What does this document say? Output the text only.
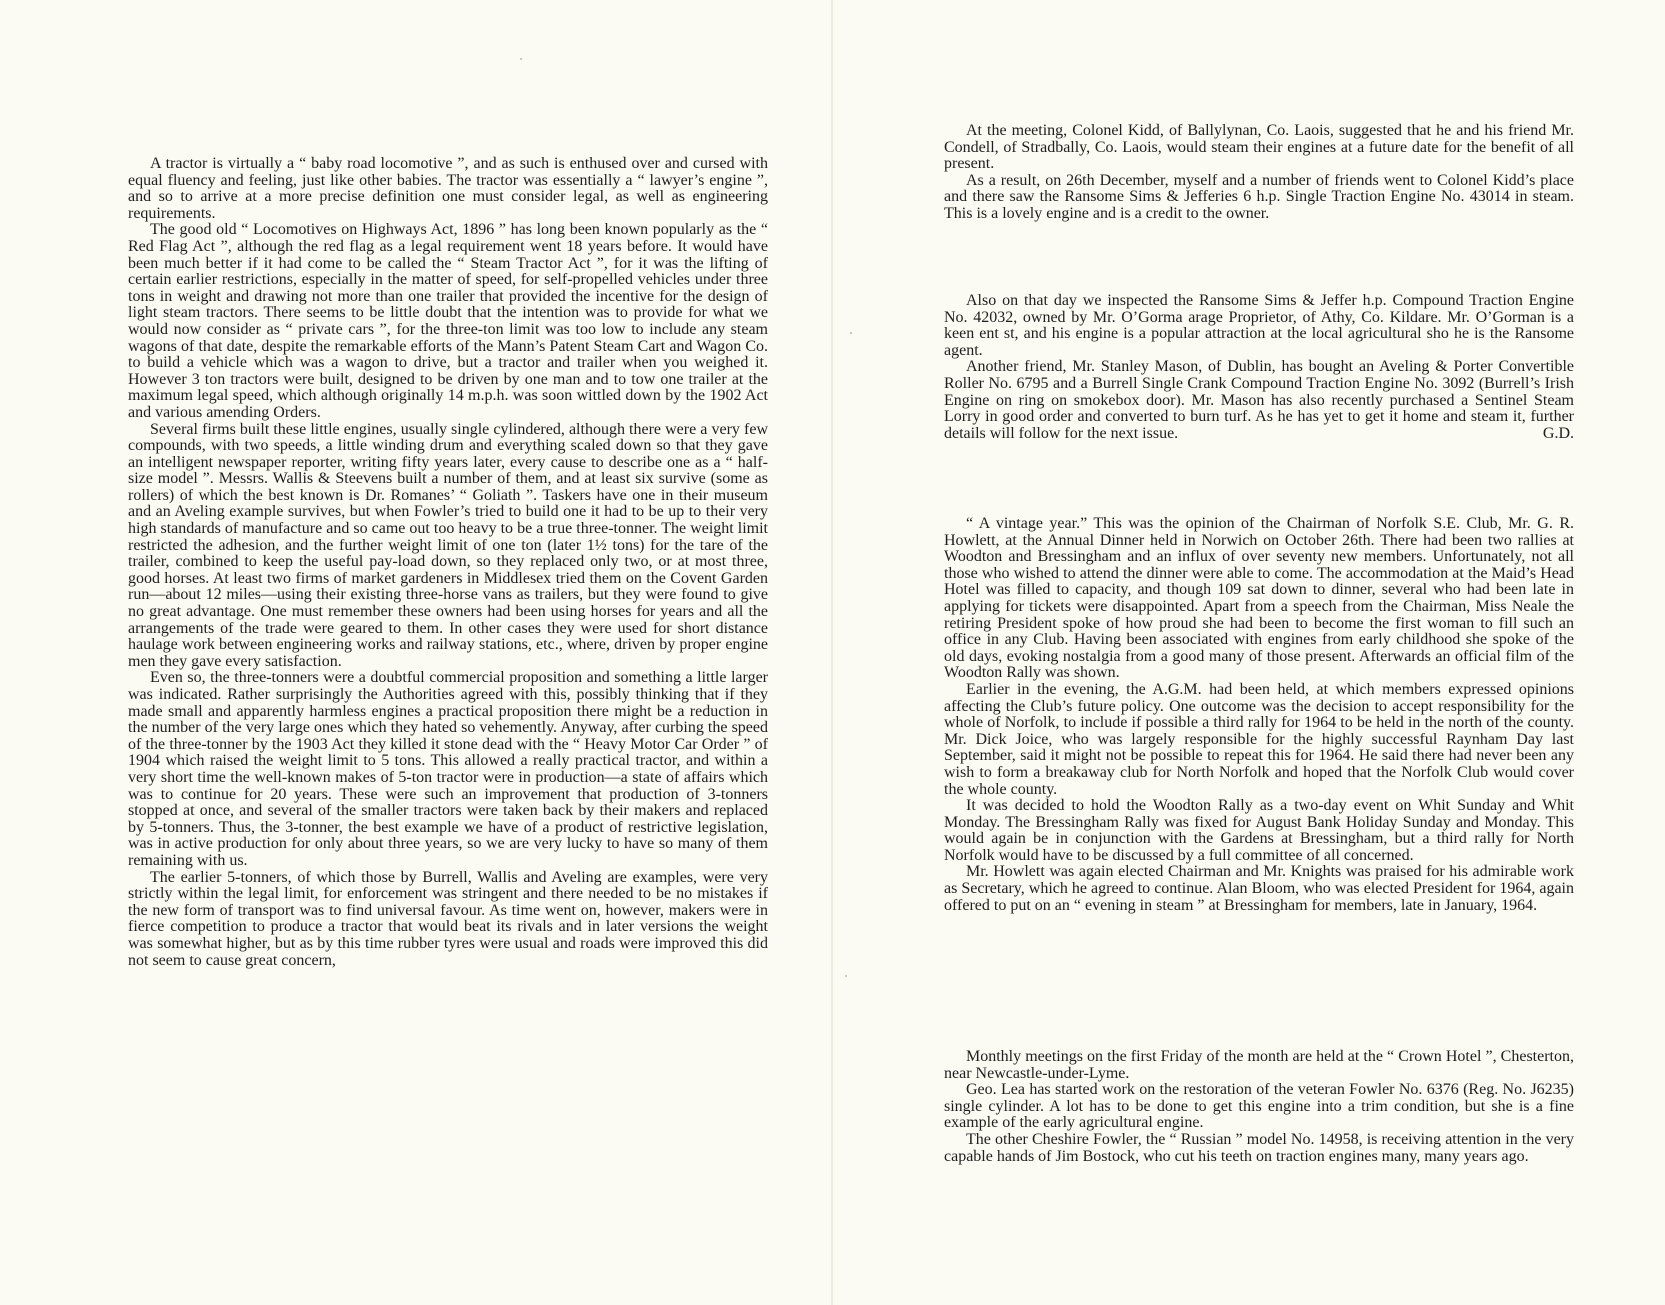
A tractor is virtually a “ baby road locomotive ”, and as such is enthused over and cursed with equal fluency and feeling, just like other babies. The tractor was essentially a “ lawyer’s engine ”, and so to arrive at a more precise definition one must consider legal, as well as engineering requirements.

The good old “ Locomotives on Highways Act, 1896 ” has long been known popularly as the “ Red Flag Act ”, although the red flag as a legal requirement went 18 years before. It would have been much better if it had come to be called the “ Steam Tractor Act ”, for it was the lifting of certain earlier restrictions, especially in the matter of speed, for self-propelled vehicles under three tons in weight and drawing not more than one trailer that provided the incentive for the design of light steam tractors. There seems to be little doubt that the intention was to provide for what we would now consider as “ private cars ”, for the three-ton limit was too low to include any steam wagons of that date, despite the remarkable efforts of the Mann’s Patent Steam Cart and Wagon Co. to build a vehicle which was a wagon to drive, but a tractor and trailer when you weighed it. However 3 ton tractors were built, designed to be driven by one man and to tow one trailer at the maximum legal speed, which although originally 14 m.p.h. was soon wittled down by the 1902 Act and various amending Orders.

Several firms built these little engines, usually single cylindered, although there were a very few compounds, with two speeds, a little winding drum and everything scaled down so that they gave an intelligent newspaper reporter, writing fifty years later, every cause to describe one as a “ half-size model ”. Messrs. Wallis & Steevens built a number of them, and at least six survive (some as rollers) of which the best known is Dr. Romanes’ “ Goliath ”. Taskers have one in their museum and an Aveling example survives, but when Fowler’s tried to build one it had to be up to their very high standards of manufacture and so came out too heavy to be a true three-tonner. The weight limit restricted the adhesion, and the further weight limit of one ton (later 1½ tons) for the tare of the trailer, combined to keep the useful pay-load down, so they replaced only two, or at most three, good horses. At least two firms of market gardeners in Middlesex tried them on the Covent Garden run—about 12 miles—using their existing three-horse vans as trailers, but they were found to give no great advantage. One must remember these owners had been using horses for years and all the arrangements of the trade were geared to them. In other cases they were used for short distance haulage work between engineering works and railway stations, etc., where, driven by proper engine men they gave every satisfaction.

Even so, the three-tonners were a doubtful commercial proposition and something a little larger was indicated. Rather surprisingly the Authorities agreed with this, possibly thinking that if they made small and apparently harmless engines a practical proposition there might be a reduction in the number of the very large ones which they hated so vehemently. Anyway, after curbing the speed of the three-tonner by the 1903 Act they killed it stone dead with the “ Heavy Motor Car Order ” of 1904 which raised the weight limit to 5 tons. This allowed a really practical tractor, and within a very short time the well-known makes of 5-ton tractor were in production—a state of affairs which was to continue for 20 years. These were such an improvement that production of 3-tonners stopped at once, and several of the smaller tractors were taken back by their makers and replaced by 5-tonners. Thus, the 3-tonner, the best example we have of a product of restrictive legislation, was in active production for only about three years, so we are very lucky to have so many of them remaining with us.

The earlier 5-tonners, of which those by Burrell, Wallis and Aveling are examples, were very strictly within the legal limit, for enforcement was stringent and there needed to be no mistakes if the new form of transport was to find universal favour. As time went on, however, makers were in fierce competition to produce a tractor that would beat its rivals and in later versions the weight was somewhat higher, but as by this time rubber tyres were usual and roads were improved this did not seem to cause great concern,

At the meeting, Colonel Kidd, of Ballylynan, Co. Laois, suggested that he and his friend Mr. Condell, of Stradbally, Co. Laois, would steam their engines at a future date for the benefit of all present.

As a result, on 26th December, myself and a number of friends went to Colonel Kidd’s place and there saw the Ransome Sims & Jefferies 6 h.p. Single Traction Engine No. 43014 in steam. This is a lovely engine and is a credit to the owner.

Also on that day we inspected the Ransome Sims & Jeffer h.p. Compound Traction Engine No. 42032, owned by Mr. O’Gorma arage Proprietor, of Athy, Co. Kildare. Mr. O’Gorman is a keen ent st, and his engine is a popular attraction at the local agricultural sho he is the Ransome agent.

Another friend, Mr. Stanley Mason, of Dublin, has bought an Aveling & Porter Convertible Roller No. 6795 and a Burrell Single Crank Compound Traction Engine No. 3092 (Burrell’s Irish Engine on ring on smokebox door). Mr. Mason has also recently purchased a Sentinel Steam Lorry in good order and converted to burn turf. As he has yet to get it home and steam it, further details will follow for the next issue.	G.D.

“ A vintage year.” This was the opinion of the Chairman of Norfolk S.E. Club, Mr. G. R. Howlett, at the Annual Dinner held in Norwich on October 26th. There had been two rallies at Woodton and Bressingham and an influx of over seventy new members. Unfortunately, not all those who wished to attend the dinner were able to come. The accommodation at the Maid’s Head Hotel was filled to capacity, and though 109 sat down to dinner, several who had been late in applying for tickets were disappointed. Apart from a speech from the Chairman, Miss Neale the retiring President spoke of how proud she had been to become the first woman to fill such an office in any Club. Having been associated with engines from early childhood she spoke of the old days, evoking nostalgia from a good many of those present. Afterwards an official film of the Woodton Rally was shown.

Earlier in the evening, the A.G.M. had been held, at which members expressed opinions affecting the Club’s future policy. One outcome was the decision to accept responsibility for the whole of Norfolk, to include if possible a third rally for 1964 to be held in the north of the county. Mr. Dick Joice, who was largely responsible for the highly successful Raynham Day last September, said it might not be possible to repeat this for 1964. He said there had never been any wish to form a breakaway club for North Norfolk and hoped that the Norfolk Club would cover the whole county.

It was decided to hold the Woodton Rally as a two-day event on Whit Sunday and Whit Monday. The Bressingham Rally was fixed for August Bank Holiday Sunday and Monday. This would again be in conjunction with the Gardens at Bressingham, but a third rally for North Norfolk would have to be discussed by a full committee of all concerned.

Mr. Howlett was again elected Chairman and Mr. Knights was praised for his admirable work as Secretary, which he agreed to continue. Alan Bloom, who was elected President for 1964, again offered to put on an “ evening in steam ” at Bressingham for members, late in January, 1964.

Monthly meetings on the first Friday of the month are held at the “ Crown Hotel ”, Chesterton, near Newcastle-under-Lyme.

Geo. Lea has started work on the restoration of the veteran Fowler No. 6376 (Reg. No. J6235) single cylinder. A lot has to be done to get this engine into a trim condition, but she is a fine example of the early agricultural engine.

The other Cheshire Fowler, the “ Russian ” model No. 14958, is receiving attention in the very capable hands of Jim Bostock, who cut his teeth on traction engines many, many years ago.
